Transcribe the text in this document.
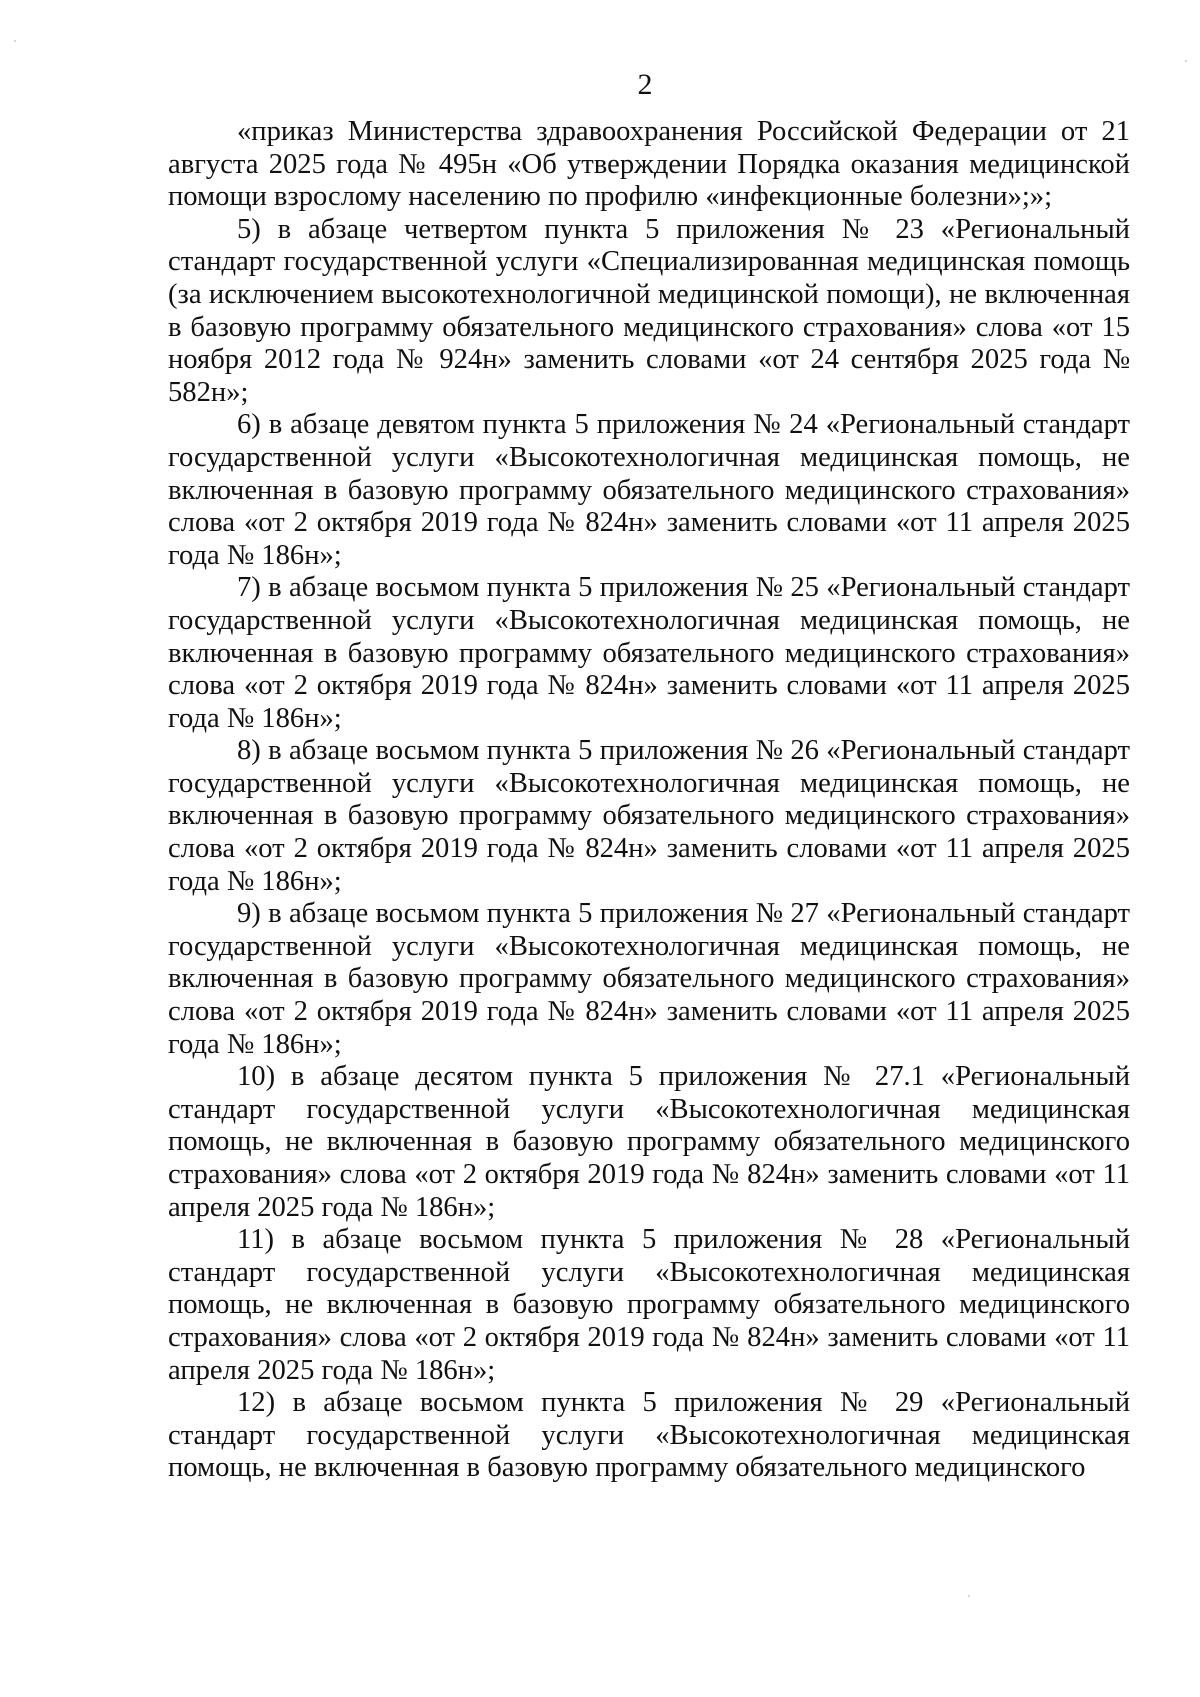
2

«приказ Министерства здравоохранения Российской Федерации от 21 августа 2025 года № 495н «Об утверждении Порядка оказания медицинской помощи взрослому населению по профилю «инфекционные болезни»;»;

5) в абзаце четвертом пункта 5 приложения № 23 «Региональный стандарт государственной услуги «Специализированная медицинская помощь (за исключением высокотехнологичной медицинской помощи), не включенная в базовую программу обязательного медицинского страхования» слова «от 15 ноября 2012 года № 924н» заменить словами «от 24 сентября 2025 года № 582н»;

6) в абзаце девятом пункта 5 приложения № 24 «Региональный стандарт государственной услуги «Высокотехнологичная медицинская помощь, не включенная в базовую программу обязательного медицинского страхования» слова «от 2 октября 2019 года № 824н» заменить словами «от 11 апреля 2025 года № 186н»;

7) в абзаце восьмом пункта 5 приложения № 25 «Региональный стандарт государственной услуги «Высокотехнологичная медицинская помощь, не включенная в базовую программу обязательного медицинского страхования» слова «от 2 октября 2019 года № 824н» заменить словами «от 11 апреля 2025 года № 186н»;

8) в абзаце восьмом пункта 5 приложения № 26 «Региональный стандарт государственной услуги «Высокотехнологичная медицинская помощь, не включенная в базовую программу обязательного медицинского страхования» слова «от 2 октября 2019 года № 824н» заменить словами «от 11 апреля 2025 года № 186н»;

9) в абзаце восьмом пункта 5 приложения № 27 «Региональный стандарт государственной услуги «Высокотехнологичная медицинская помощь, не включенная в базовую программу обязательного медицинского страхования» слова «от 2 октября 2019 года № 824н» заменить словами «от 11 апреля 2025 года № 186н»;

10) в абзаце десятом пункта 5 приложения № 27.1 «Региональный стандарт государственной услуги «Высокотехнологичная медицинская помощь, не включенная в базовую программу обязательного медицинского страхования» слова «от 2 октября 2019 года № 824н» заменить словами «от 11 апреля 2025 года № 186н»;

11) в абзаце восьмом пункта 5 приложения № 28 «Региональный стандарт государственной услуги «Высокотехнологичная медицинская помощь, не включенная в базовую программу обязательного медицинского страхования» слова «от 2 октября 2019 года № 824н» заменить словами «от 11 апреля 2025 года № 186н»;

12) в абзаце восьмом пункта 5 приложения № 29 «Региональный стандарт государственной услуги «Высокотехнологичная медицинская помощь, не включенная в базовую программу обязательного медицинского
